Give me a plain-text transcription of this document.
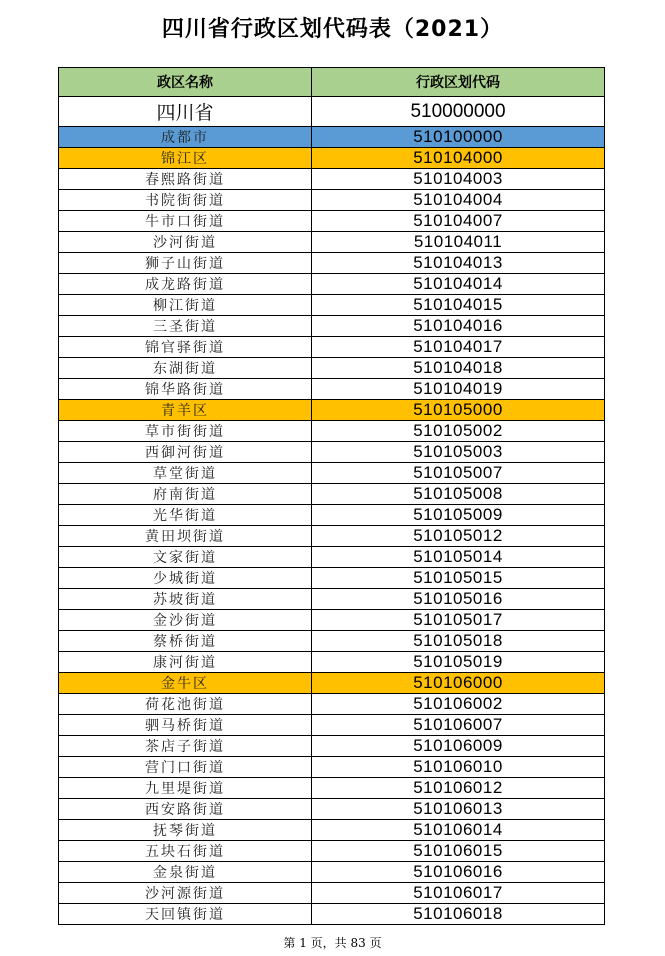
四川省行政区划代码表（2021）
政区名称	行政区划代码
四川省	510000000
成都市	510100000
锦江区	510104000
春熙路街道	510104003
书院街街道	510104004
牛市口街道	510104007
沙河街道	510104011
狮子山街道	510104013
成龙路街道	510104014
柳江街道	510104015
三圣街道	510104016
锦官驿街道	510104017
东湖街道	510104018
锦华路街道	510104019
青羊区	510105000
草市街街道	510105002
西御河街道	510105003
草堂街道	510105007
府南街道	510105008
光华街道	510105009
黄田坝街道	510105012
文家街道	510105014
少城街道	510105015
苏坡街道	510105016
金沙街道	510105017
蔡桥街道	510105018
康河街道	510105019
金牛区	510106000
荷花池街道	510106002
驷马桥街道	510106007
茶店子街道	510106009
营门口街道	510106010
九里堤街道	510106012
西安路街道	510106013
抚琴街道	510106014
五块石街道	510106015
金泉街道	510106016
沙河源街道	510106017
天回镇街道	510106018
第 1 页，共 83 页
